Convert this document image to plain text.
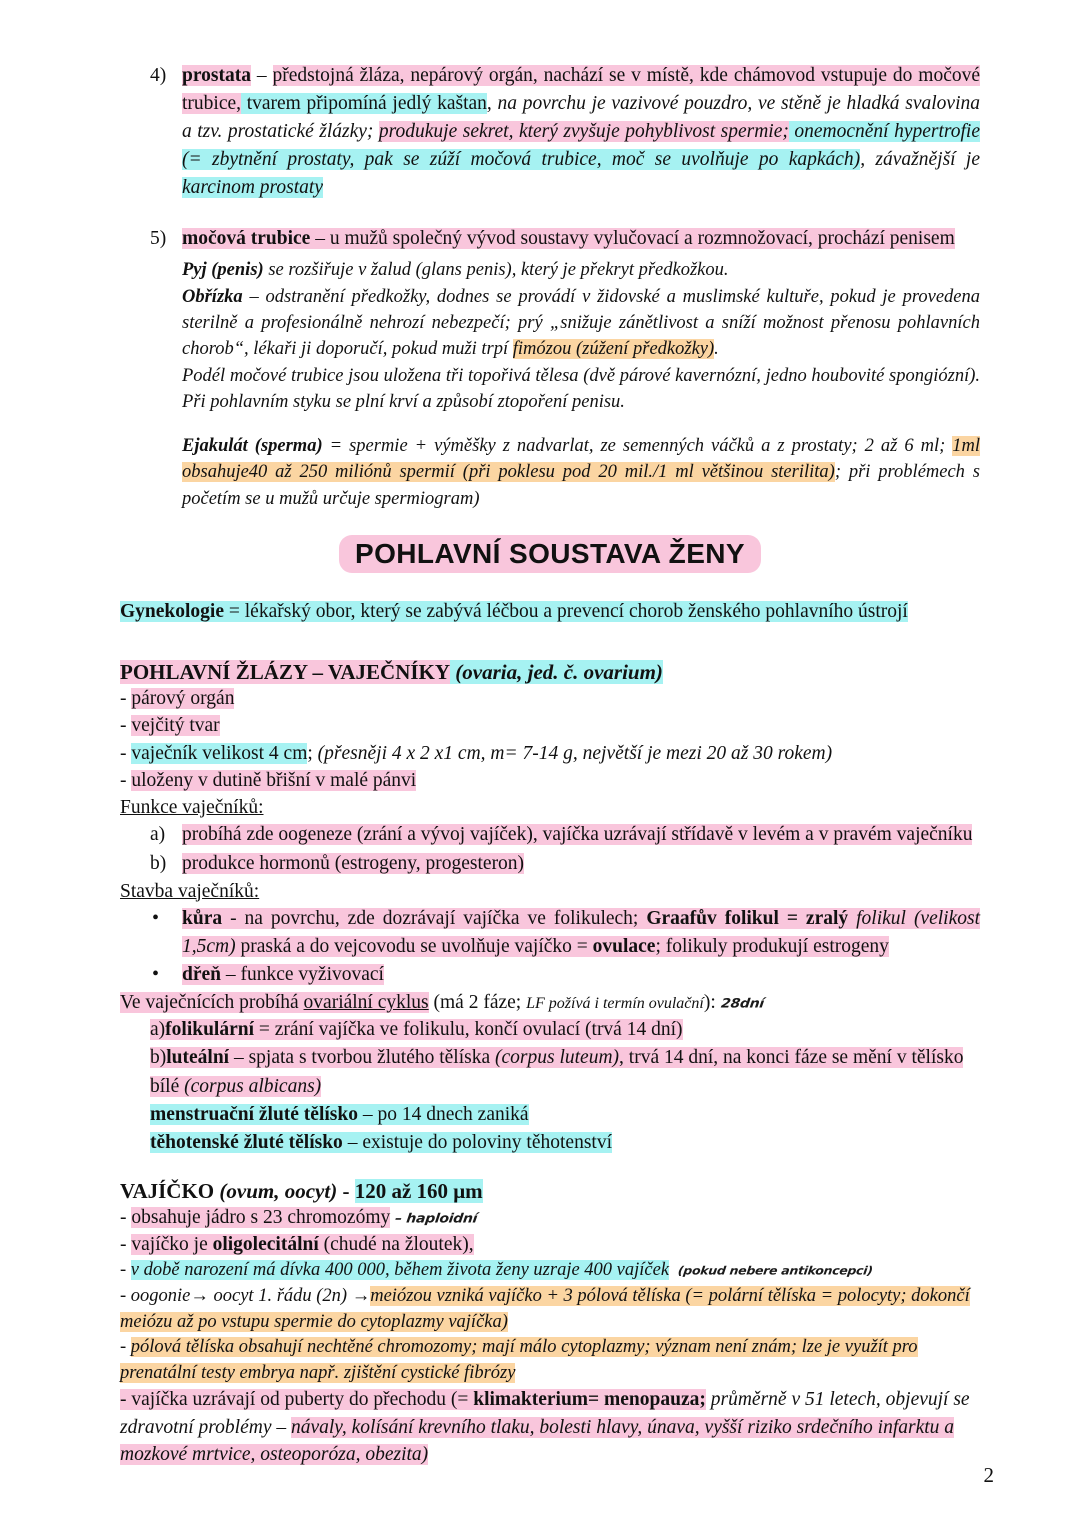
4) prostata – předstojná žláza, nepárový orgán, nachází se v místě, kde chámovod vstupuje do močové trubice, tvarem připomíná jedlý kaštan, na povrchu je vazivové pouzdro, ve stěně je hladká svalovina a tzv. prostatické žlázky; produkuje sekret, který zvyšuje pohyblivost spermie; onemocnění hypertrofie (= zbytnění prostaty, pak se zúží močová trubice, moč se uvolňuje po kapkách), závažnější je karcinom prostaty
5) močová trubice – u mužů společný vývod soustavy vylučovací a rozmnožovací, prochází penisem
Pyj (penis) se rozšiřuje v žalud (glans penis), který je překryt předkožkou.
Obřízka – odstranění předkožky, dodnes se provádí v židovské a muslimské kultuře, pokud je provedena sterilně a profesionálně nehrozí nebezpečí; prý „snižuje zánětlivost a sníží možnost přenosu pohlavních chorob“, lékaři ji doporučí, pokud muži trpí fimózou (zúžení předkožky).
Podél močové trubice jsou uložena tři topořivá tělesa (dvě párové kavernózní, jedno houbovité spongiózní). Při pohlavním styku se plní krví a způsobí ztopoření penisu.
Ejakulát (sperma) = spermie + výměšky z nadvarlat, ze semenných váčků a z prostaty; 2 až 6 ml; 1ml obsahuje40 až 250 miliónů spermií (při poklesu pod 20 mil./1 ml většinou sterilita); při problémech s početím se u mužů určuje spermiogram)
POHLAVNÍ SOUSTAVA ŽENY
Gynekologie = lékařský obor, který se zabývá léčbou a prevencí chorob ženského pohlavního ústrojí
POHLAVNÍ ŽLÁZY – VAJEČNÍKY (ovaria, jed. č. ovarium)
- párový orgán
- vejčitý tvar
- vaječník velikost 4 cm; (přesněji 4 x 2 x1 cm, m= 7-14 g, největší je mezi 20 až 30 rokem)
- uloženy v dutině břišní v malé pánvi
Funkce vaječníků:
a) probíhá zde oogeneze (zrání a vývoj vajíček), vajíčka uzrávají střídavě v levém a v pravém vaječníku
b) produkce hormonů (estrogeny, progesteron)
Stavba vaječníků:
• kůra - na povrchu, zde dozrávají vajíčka ve folikulech; Graafův folikul = zralý folikul (velikost 1,5cm) praská a do vejcovodu se uvolňuje vajíčko = ovulace; folikuly produkují estrogeny
• dřeň – funkce vyživovací
Ve vaječnících probíhá ovariální cyklus (má 2 fáze; LF požívá i termín ovulační): 28dní
a)folikulární = zrání vajíčka ve folikulu, končí ovulací (trvá 14 dní)
b)luteální – spjata s tvorbou žlutého tělíska (corpus luteum), trvá 14 dní, na konci fáze se mění v tělísko bílé (corpus albicans)
menstruační žluté tělísko – po 14 dnech zaniká
těhotenské žluté tělísko – existuje do poloviny těhotenství
VAJÍČKO (ovum, oocyt) - 120 až 160 μm
- obsahuje jádro s 23 chromozómy – haploidní
- vajíčko je oligolecitální (chudé na žloutek),
- v době narození má dívka 400 000, během života ženy uzraje 400 vajíček (pokud nebere antikoncepci)
- oogonie→ oocyt 1. řádu (2n) →meiózou vzniká vajíčko + 3 pólová tělíska (= polární tělíska = polocyty; dokončí meiózu až po vstupu spermie do cytoplazmy vajíčka)
- pólová tělíska obsahují nechtěné chromozomy; mají málo cytoplazmy; význam není znám; lze je využít pro prenatální testy embrya např. zjištění cystické fibrózy
- vajíčka uzrávají od puberty do přechodu (= klimakterium= menopauza; průměrně v 51 letech, objevují se zdravotní problémy – návaly, kolísání krevního tlaku, bolesti hlavy, únava, vyšší riziko srdečního infarktu a mozkové mrtvice, osteoporóza, obezita)
2
